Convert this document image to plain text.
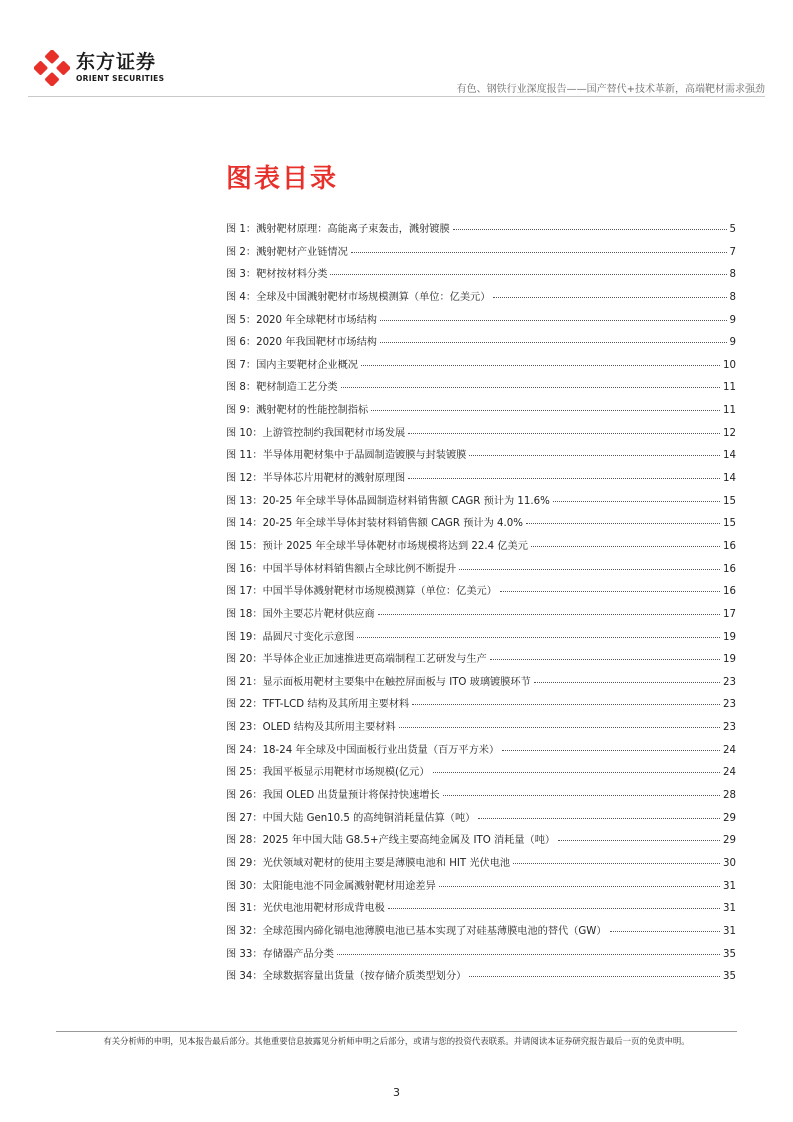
东方证券
ORIENT SECURITIES
有色、钢铁行业深度报告——国产替代+技术革新，高端靶材需求强劲
图表目录
图 1：溅射靶材原理：高能离子束轰击，溅射镀膜	5
图 2：溅射靶材产业链情况	7
图 3：靶材按材料分类	8
图 4：全球及中国溅射靶材市场规模测算（单位：亿美元）	8
图 5：2020 年全球靶材市场结构	9
图 6：2020 年我国靶材市场结构	9
图 7：国内主要靶材企业概况	10
图 8：靶材制造工艺分类	11
图 9：溅射靶材的性能控制指标	11
图 10：上游管控制约我国靶材市场发展	12
图 11：半导体用靶材集中于晶圆制造镀膜与封装镀膜	14
图 12：半导体芯片用靶材的溅射原理图	14
图 13：20-25 年全球半导体晶圆制造材料销售额 CAGR 预计为 11.6%	15
图 14：20-25 年全球半导体封装材料销售额 CAGR 预计为 4.0%	15
图 15：预计 2025 年全球半导体靶材市场规模将达到 22.4 亿美元	16
图 16：中国半导体材料销售额占全球比例不断提升	16
图 17：中国半导体溅射靶材市场规模测算（单位：亿美元）	16
图 18：国外主要芯片靶材供应商	17
图 19：晶圆尺寸变化示意图	19
图 20：半导体企业正加速推进更高端制程工艺研发与生产	19
图 21：显示面板用靶材主要集中在触控屏面板与 ITO 玻璃镀膜环节	23
图 22：TFT-LCD 结构及其所用主要材料	23
图 23：OLED 结构及其所用主要材料	23
图 24：18-24 年全球及中国面板行业出货量（百万平方米）	24
图 25：我国平板显示用靶材市场规模(亿元）	24
图 26：我国 OLED 出货量预计将保持快速增长	28
图 27：中国大陆 Gen10.5 的高纯铜消耗量估算（吨）	29
图 28：2025 年中国大陆 G8.5+产线主要高纯金属及 ITO 消耗量（吨）	29
图 29：光伏领域对靶材的使用主要是薄膜电池和 HIT 光伏电池	30
图 30：太阳能电池不同金属溅射靶材用途差异	31
图 31：光伏电池用靶材形成背电极	31
图 32：全球范围内碲化镉电池薄膜电池已基本实现了对硅基薄膜电池的替代（GW）	31
图 33：存储器产品分类	35
图 34：全球数据容量出货量（按存储介质类型划分）	35
有关分析师的申明，见本报告最后部分。其他重要信息披露见分析师申明之后部分，或请与您的投资代表联系。并请阅读本证券研究报告最后一页的免责申明。
3
